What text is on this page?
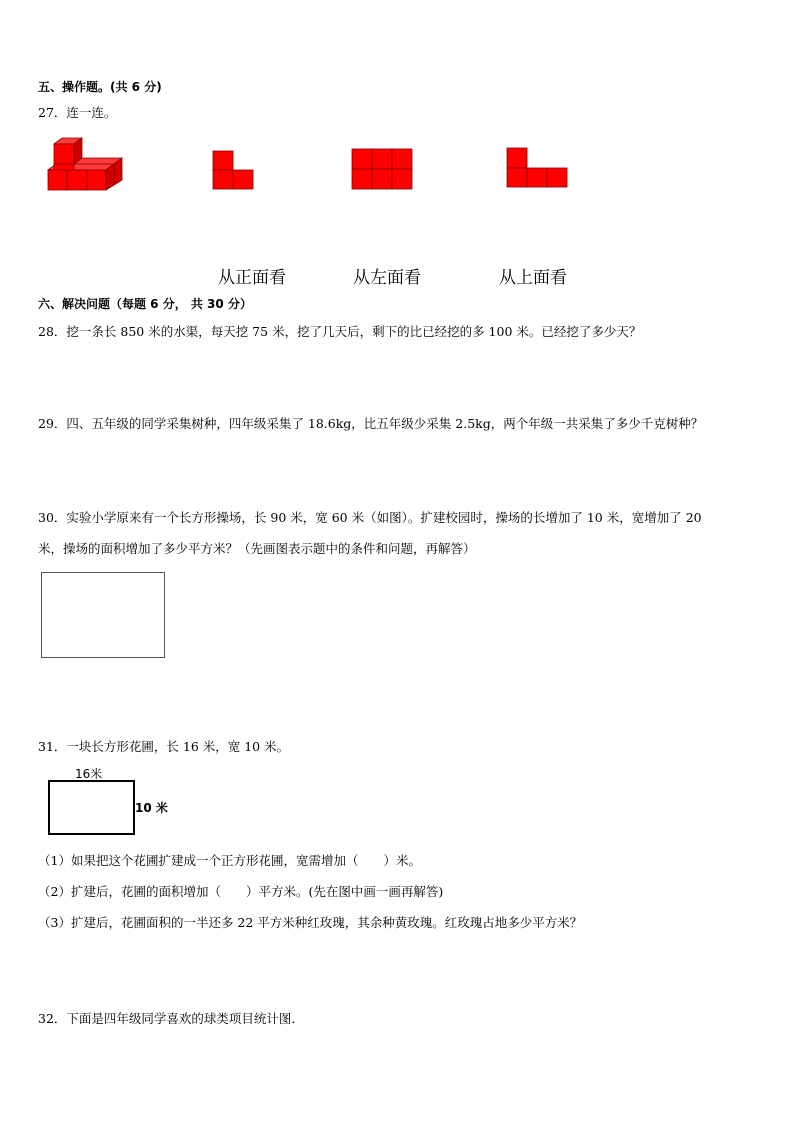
五、操作题。(共 6 分)
27．连一连。
从正面看	从左面看	从上面看
六、解决问题（每题 6 分， 共 30 分）
28．挖一条长 850 米的水渠，每天挖 75 米，挖了几天后，剩下的比已经挖的多 100 米。已经挖了多少天？
29．四、五年级的同学采集树种，四年级采集了 18.6kg，比五年级少采集 2.5kg，两个年级一共采集了多少千克树种？
30．实验小学原来有一个长方形操场，长 90 米，宽 60 米（如图）。扩建校园时，操场的长增加了 10 米，宽增加了 20
米，操场的面积增加了多少平方米？（先画图表示题中的条件和问题，再解答）
31．一块长方形花圃，长 16 米，宽 10 米。
16米
10 米
（1）如果把这个花圃扩建成一个正方形花圃，宽需增加（　　）米。
（2）扩建后，花圃的面积增加（　　）平方米。(先在图中画一画再解答)
（3）扩建后，花圃面积的一半还多 22 平方米种红玫瑰，其余种黄玫瑰。红玫瑰占地多少平方米？
32．下面是四年级同学喜欢的球类项目统计图．
